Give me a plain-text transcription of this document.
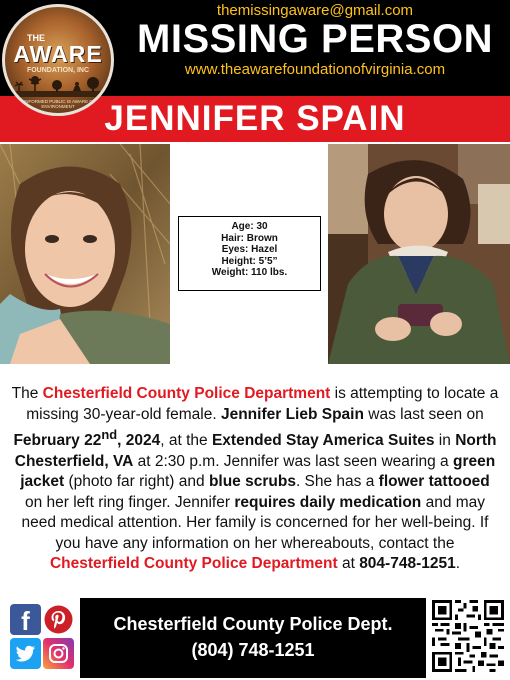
THE
AWARE
FOUNDATION, INC
A WELL-INFORMED PUBLIC IS AWARE OF YOUR ENVIRONMENT
themissingaware@gmail.com
MISSING PERSON
www.theawarefoundationofvirginia.com
JENNIFER SPAIN
Age: 30
Hair: Brown
Eyes: Hazel
Height: 5’5”
Weight: 110 lbs.
The Chesterfield County Police Department is attempting to locate a missing 30-year-old female. Jennifer Lieb Spain was last seen on February 22nd, 2024, at the Extended Stay America Suites in North Chesterfield, VA at 2:30 p.m. Jennifer was last seen wearing a green jacket (photo far right) and blue scrubs. She has a flower tattooed on her left ring finger. Jennifer requires daily medication and may need medical attention. Her family is concerned for her well-being. If you have any information on her whereabouts, contact the Chesterfield County Police Department at 804-748-1251.
f	Chesterfield County Police Dept.
(804) 748-1251
